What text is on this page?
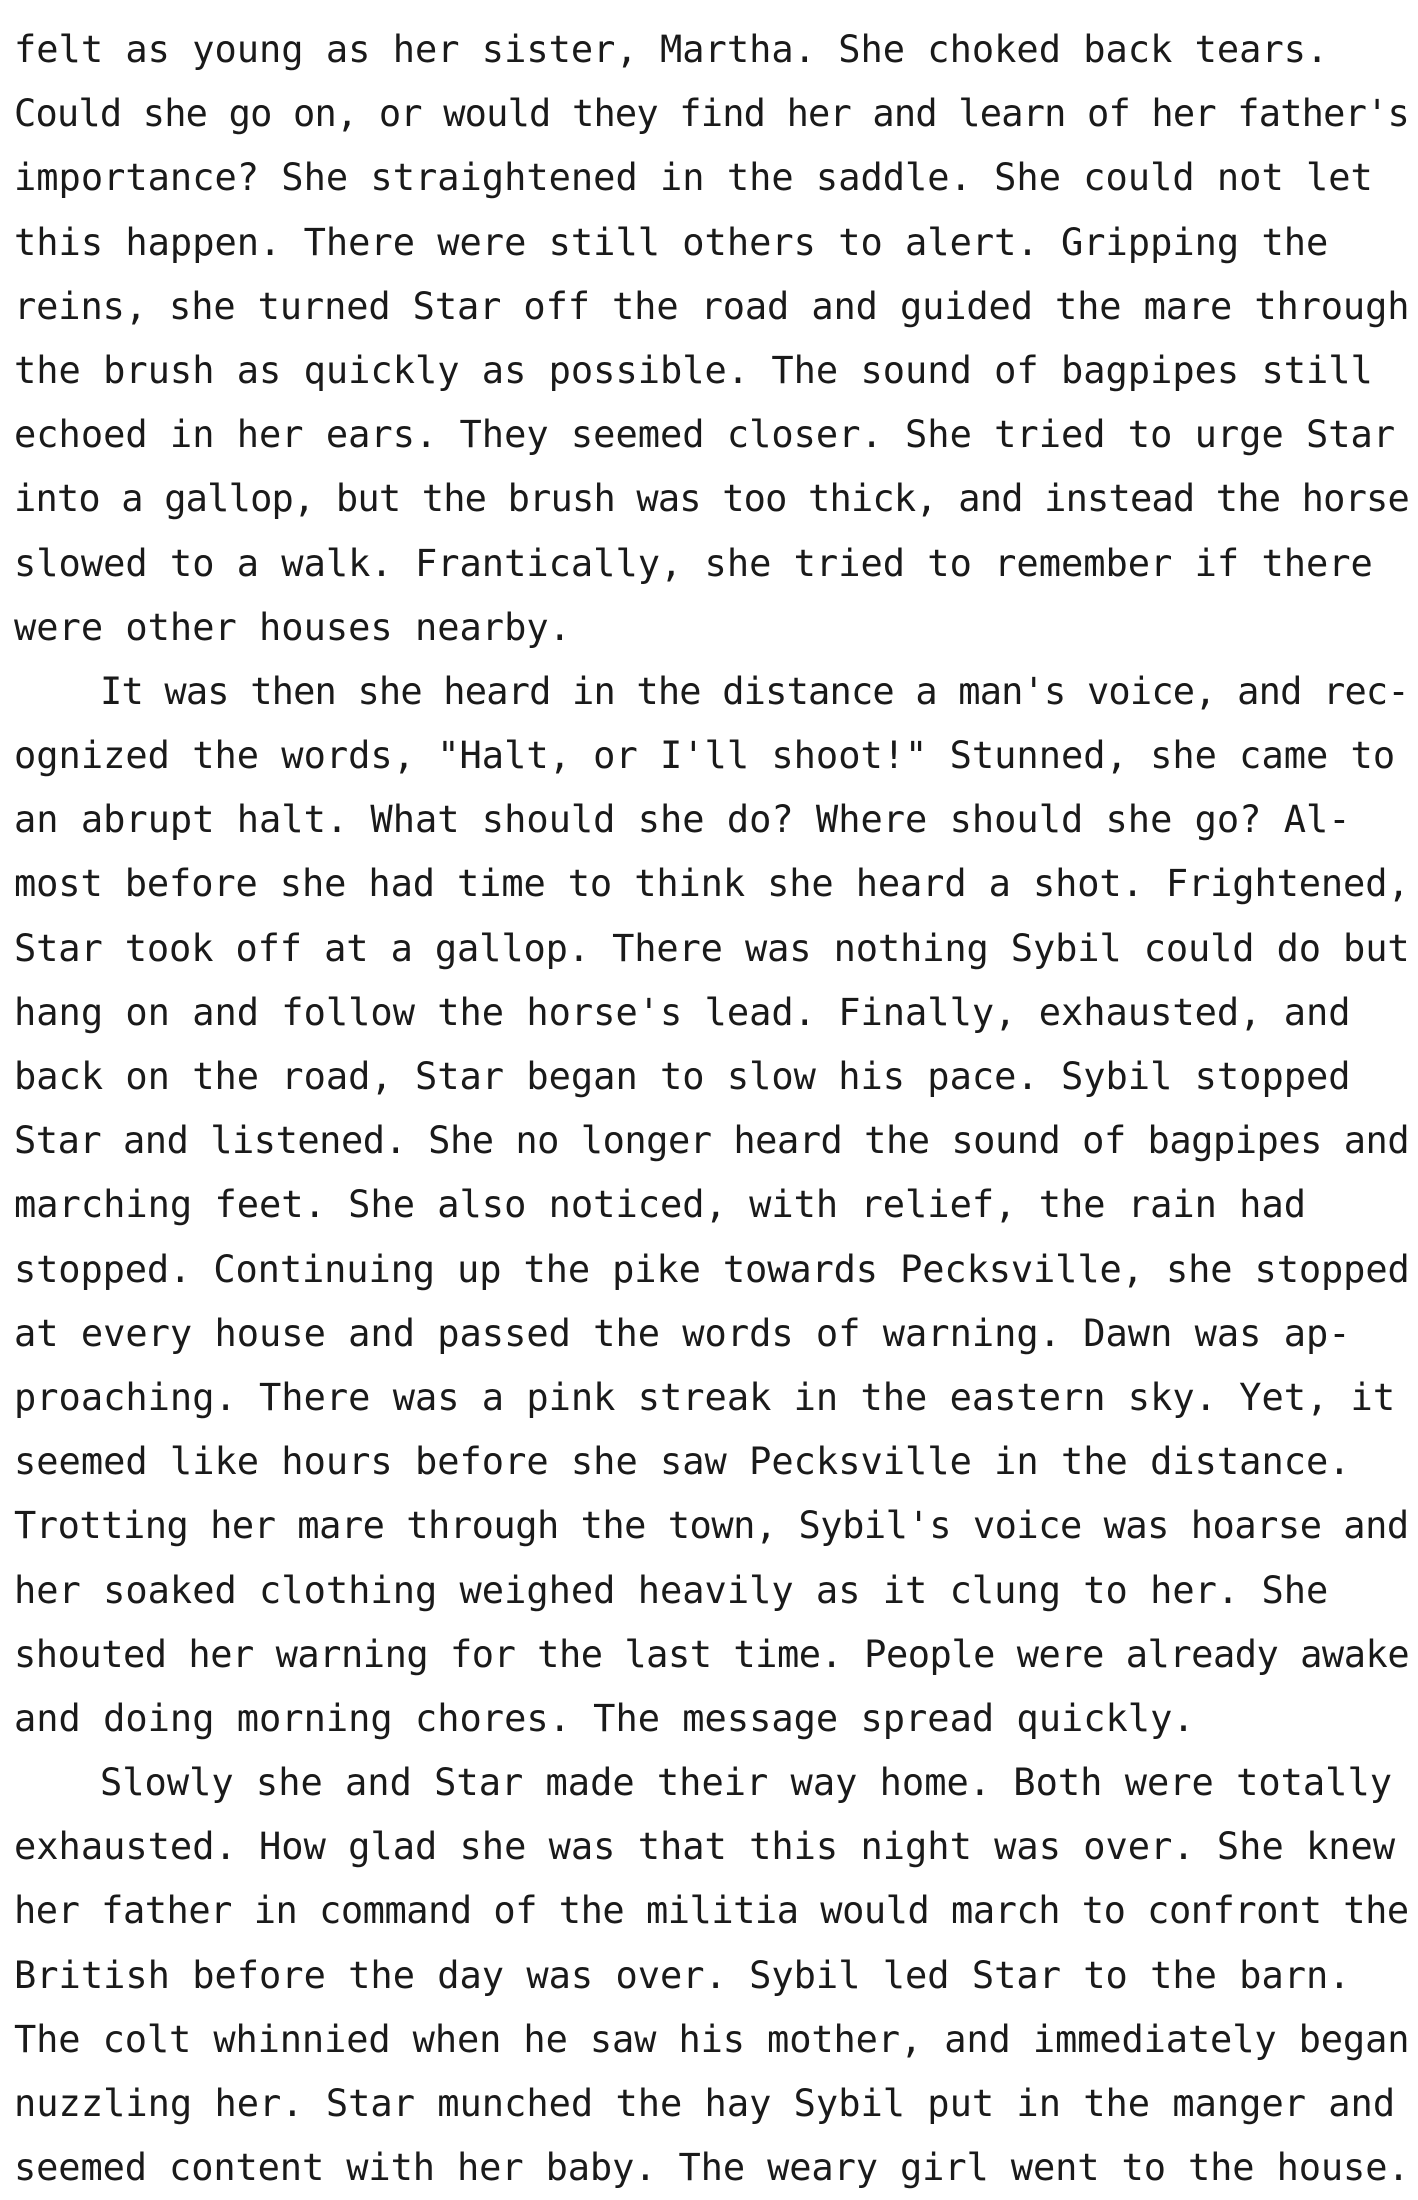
felt as young as her sister, Martha. She choked back tears.
Could she go on, or would they find her and learn of her father's
importance? She straightened in the saddle. She could not let
this happen. There were still others to alert. Gripping the
reins, she turned Star off the road and guided the mare through
the brush as quickly as possible. The sound of bagpipes still
echoed in her ears. They seemed closer. She tried to urge Star
into a gallop, but the brush was too thick, and instead the horse
slowed to a walk. Frantically, she tried to remember if there
were other houses nearby.
It was then she heard in the distance a man's voice, and rec-
ognized the words, "Halt, or I'll shoot!" Stunned, she came to
an abrupt halt. What should she do? Where should she go? Al-
most before she had time to think she heard a shot. Frightened,
Star took off at a gallop. There was nothing Sybil could do but
hang on and follow the horse's lead. Finally, exhausted, and
back on the road, Star began to slow his pace. Sybil stopped
Star and listened. She no longer heard the sound of bagpipes and
marching feet. She also noticed, with relief, the rain had
stopped. Continuing up the pike towards Pecksville, she stopped
at every house and passed the words of warning. Dawn was ap-
proaching. There was a pink streak in the eastern sky. Yet, it
seemed like hours before she saw Pecksville in the distance.
Trotting her mare through the town, Sybil's voice was hoarse and
her soaked clothing weighed heavily as it clung to her. She
shouted her warning for the last time. People were already awake
and doing morning chores. The message spread quickly.
Slowly she and Star made their way home. Both were totally
exhausted. How glad she was that this night was over. She knew
her father in command of the militia would march to confront the
British before the day was over. Sybil led Star to the barn.
The colt whinnied when he saw his mother, and immediately began
nuzzling her. Star munched the hay Sybil put in the manger and
seemed content with her baby. The weary girl went to the house.
